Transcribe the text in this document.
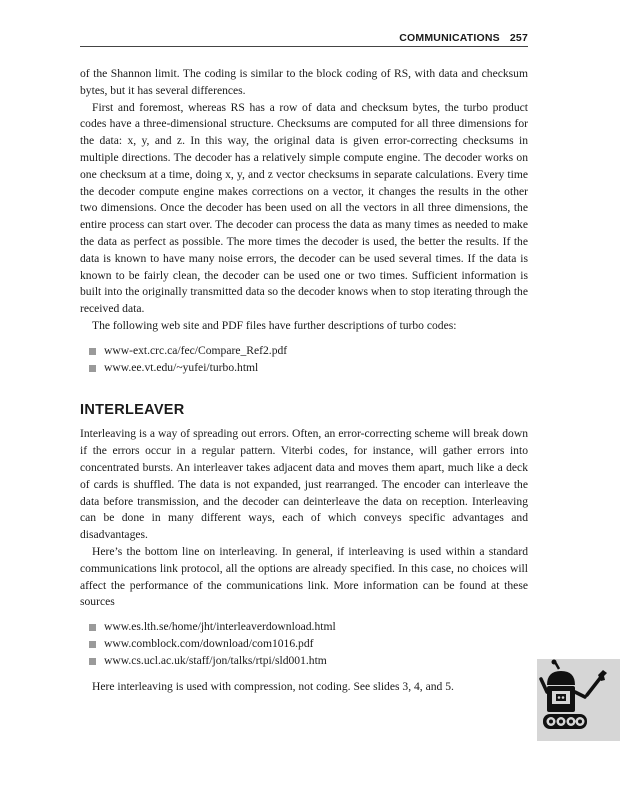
COMMUNICATIONS 257

of the Shannon limit. The coding is similar to the block coding of RS, with data and checksum bytes, but it has several differences.

First and foremost, whereas RS has a row of data and checksum bytes, the turbo product codes have a three-dimensional structure. Checksums are computed for all three dimensions for the data: x, y, and z. In this way, the original data is given error-correcting checksums in multiple directions. The decoder has a relatively simple compute engine. The decoder works on one checksum at a time, doing x, y, and z vector checksums in separate calculations. Every time the decoder compute engine makes corrections on a vector, it changes the results in the other two dimensions. Once the decoder has been used on all the vectors in all three dimensions, the entire process can start over. The decoder can process the data as many times as needed to make the data as perfect as possible. The more times the decoder is used, the better the results. If the data is known to have many noise errors, the decoder can be used several times. If the data is known to be fairly clean, the decoder can be used one or two times. Sufficient information is built into the originally transmitted data so the decoder knows when to stop iterating through the received data.

The following web site and PDF files have further descriptions of turbo codes:

www-ext.crc.ca/fec/Compare_Ref2.pdf
www.ee.vt.edu/~yufei/turbo.html
INTERLEAVER

Interleaving is a way of spreading out errors. Often, an error-correcting scheme will break down if the errors occur in a regular pattern. Viterbi codes, for instance, will gather errors into concentrated bursts. An interleaver takes adjacent data and moves them apart, much like a deck of cards is shuffled. The data is not expanded, just rearranged. The encoder can interleave the data before transmission, and the decoder can deinterleave the data on reception. Interleaving can be done in many different ways, each of which conveys specific advantages and disadvantages.

Here’s the bottom line on interleaving. In general, if interleaving is used within a standard communications link protocol, all the options are already specified. In this case, no choices will affect the performance of the communications link. More information can be found at these sources

www.es.lth.se/home/jht/interleaverdownload.html
www.comblock.com/download/com1016.pdf
www.cs.ucl.ac.uk/staff/jon/talks/rtpi/sld001.htm

Here interleaving is used with compression, not coding. See slides 3, 4, and 5.
